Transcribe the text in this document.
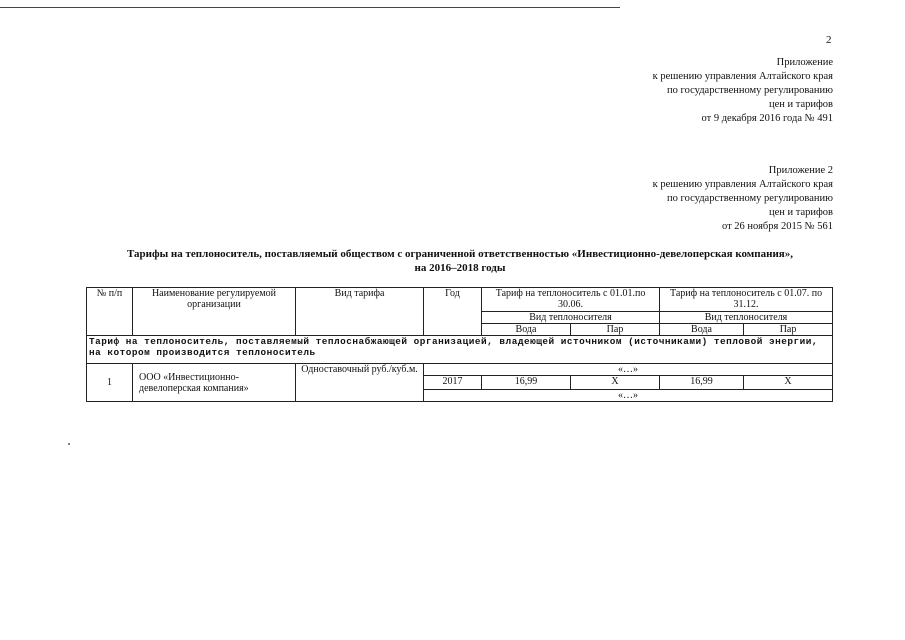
2
Приложение
к решению управления Алтайского края
по государственному регулированию
цен и тарифов
от 9 декабря 2016 года № 491
Приложение 2
к решению управления Алтайского края
по государственному регулированию
цен и тарифов
от 26 ноября 2015 № 561
Тарифы на теплоноситель, поставляемый обществом с ограниченной ответственностью «Инвестиционно-девелоперская компания»,
на 2016–2018 годы
№ п/п	Наименование регулируемой организации	Вид тарифа	Год	Тариф на теплоноситель с 01.01.по 30.06.		Тариф на теплоноситель с 01.07. по 31.12.	
				Вид теплоносителя		Вид теплоносителя	
				Вода	Пар	Вода	Пар
Тариф на теплоноситель, поставляемый теплоснабжающей организацией, владеющей источником (источниками) тепловой энергии, на котором производится теплоноситель							
1	ООО «Инвестиционно-девелоперская компания»	Одноставочный руб./куб.м.	«…»				
			2017	16,99	Х	16,99	Х
			«…»				
